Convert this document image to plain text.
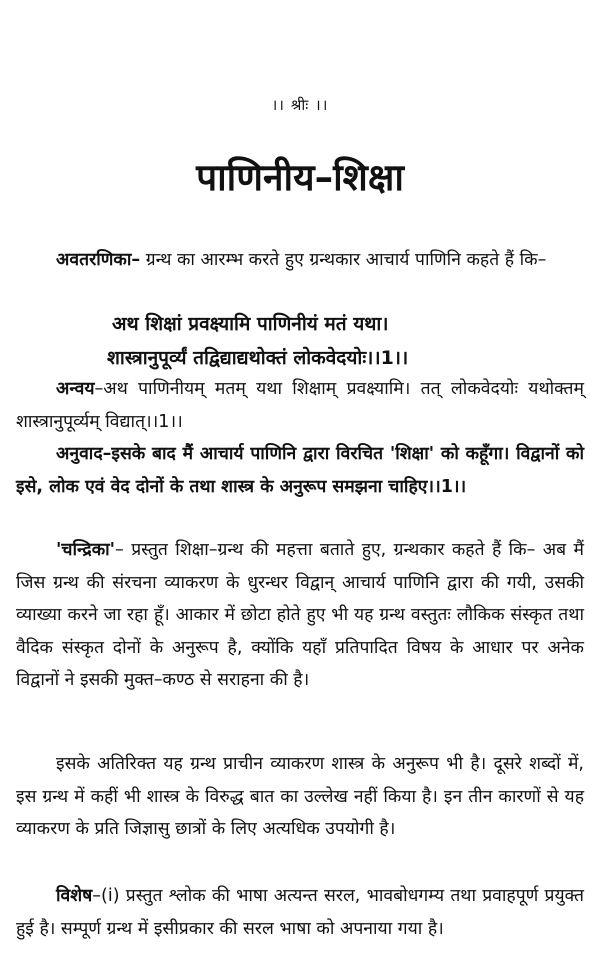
।। श्रीः ।।
पाणिनीय–शिक्षा
अवतरणिका– ग्रन्थ का आरम्भ करते हुए ग्रन्थकार आचार्य पाणिनि कहते हैं कि–
अथ शिक्षां प्रवक्ष्यामि पाणिनीयं मतं यथा।
शास्त्रानुपूर्व्यं तद्विद्याद्यथोक्तं लोकवेदयोः।।1।।
अन्वय–अथ पाणिनीयम् मतम् यथा शिक्षाम् प्रवक्ष्यामि। तत् लोकवेदयोः यथोक्तम् शास्त्रानुपूर्व्यम् विद्यात्।।1।।
अनुवाद–इसके बाद मैं आचार्य पाणिनि द्वारा विरचित 'शिक्षा' को कहूँगा। विद्वानों को इसे, लोक एवं वेद दोनों के तथा शास्त्र के अनुरूप समझना चाहिए।।1।।
'चन्द्रिका'– प्रस्तुत शिक्षा–ग्रन्थ की महत्ता बताते हुए, ग्रन्थकार कहते हैं कि– अब मैं जिस ग्रन्थ की संरचना व्याकरण के धुरन्धर विद्वान् आचार्य पाणिनि द्वारा की गयी, उसकी व्याख्या करने जा रहा हूँ। आकार में छोटा होते हुए भी यह ग्रन्थ वस्तुतः लौकिक संस्कृत तथा वैदिक संस्कृत दोनों के अनुरूप है, क्योंकि यहाँ प्रतिपादित विषय के आधार पर अनेक विद्वानों ने इसकी मुक्त–कण्ठ से सराहना की है।
इसके अतिरिक्त यह ग्रन्थ प्राचीन व्याकरण शास्त्र के अनुरूप भी है। दूसरे शब्दों में, इस ग्रन्थ में कहीं भी शास्त्र के विरुद्ध बात का उल्लेख नहीं किया है। इन तीन कारणों से यह व्याकरण के प्रति जिज्ञासु छात्रों के लिए अत्यधिक उपयोगी है।
विशेष–(i) प्रस्तुत श्लोक की भाषा अत्यन्त सरल, भावबोधगम्य तथा प्रवाहपूर्ण प्रयुक्त हुई है। सम्पूर्ण ग्रन्थ में इसीप्रकार की सरल भाषा को अपनाया गया है।
